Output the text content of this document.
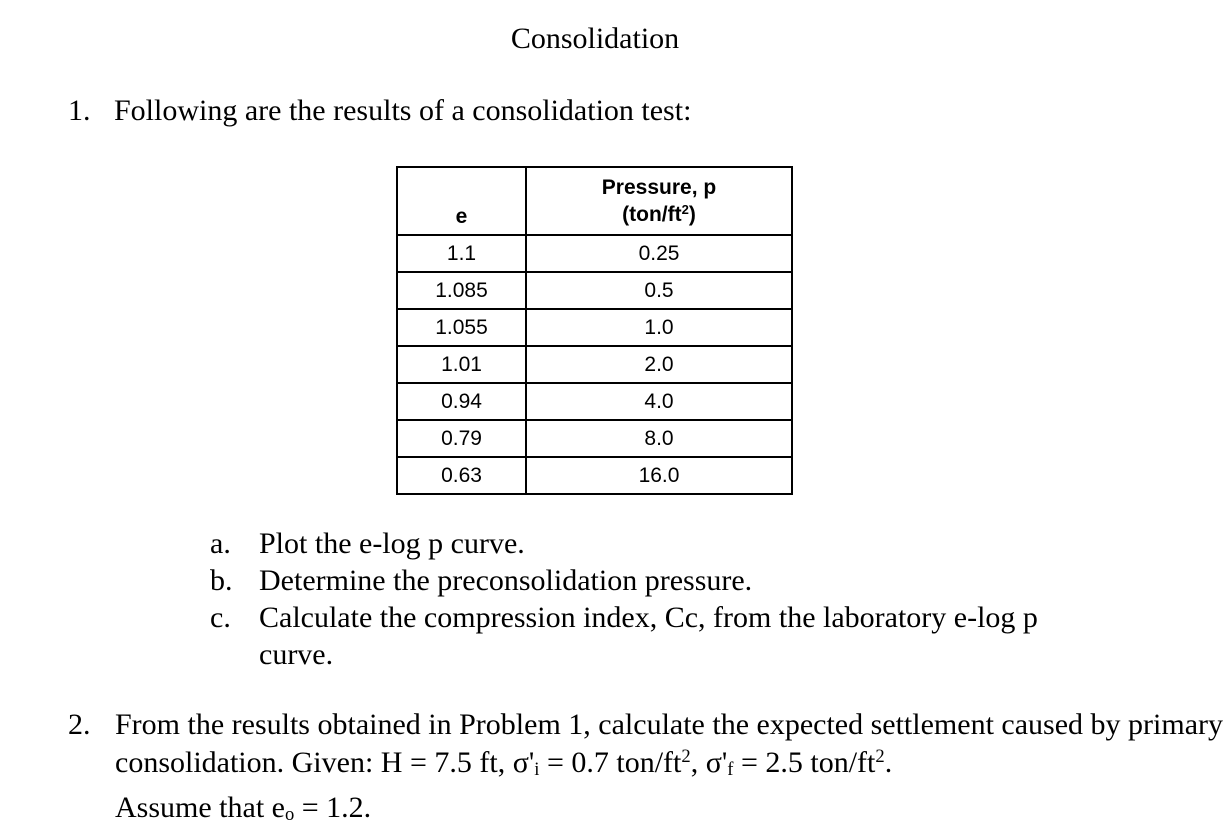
Consolidation
1. Following are the results of a consolidation test:
e	Pressure, p
$(ton/ft^2)$
1.1	0.25
1.085	0.5
1.055	1.0
1.01	2.0
0.94	4.0
0.79	8.0
0.63	16.0
a. Plot the e-log p curve.
b. Determine the preconsolidation pressure.
c. Calculate the compression index, Cc, from the laboratory e-log p curve.
2. From the results obtained in Problem 1, calculate the expected settlement caused by primary consolidation. Given: H = 7.5 ft, σ'i = 0.7 ton/$ft^2$, σ'f = 2.5 ton/$ft^2$.
Assume that eo = 1.2.
